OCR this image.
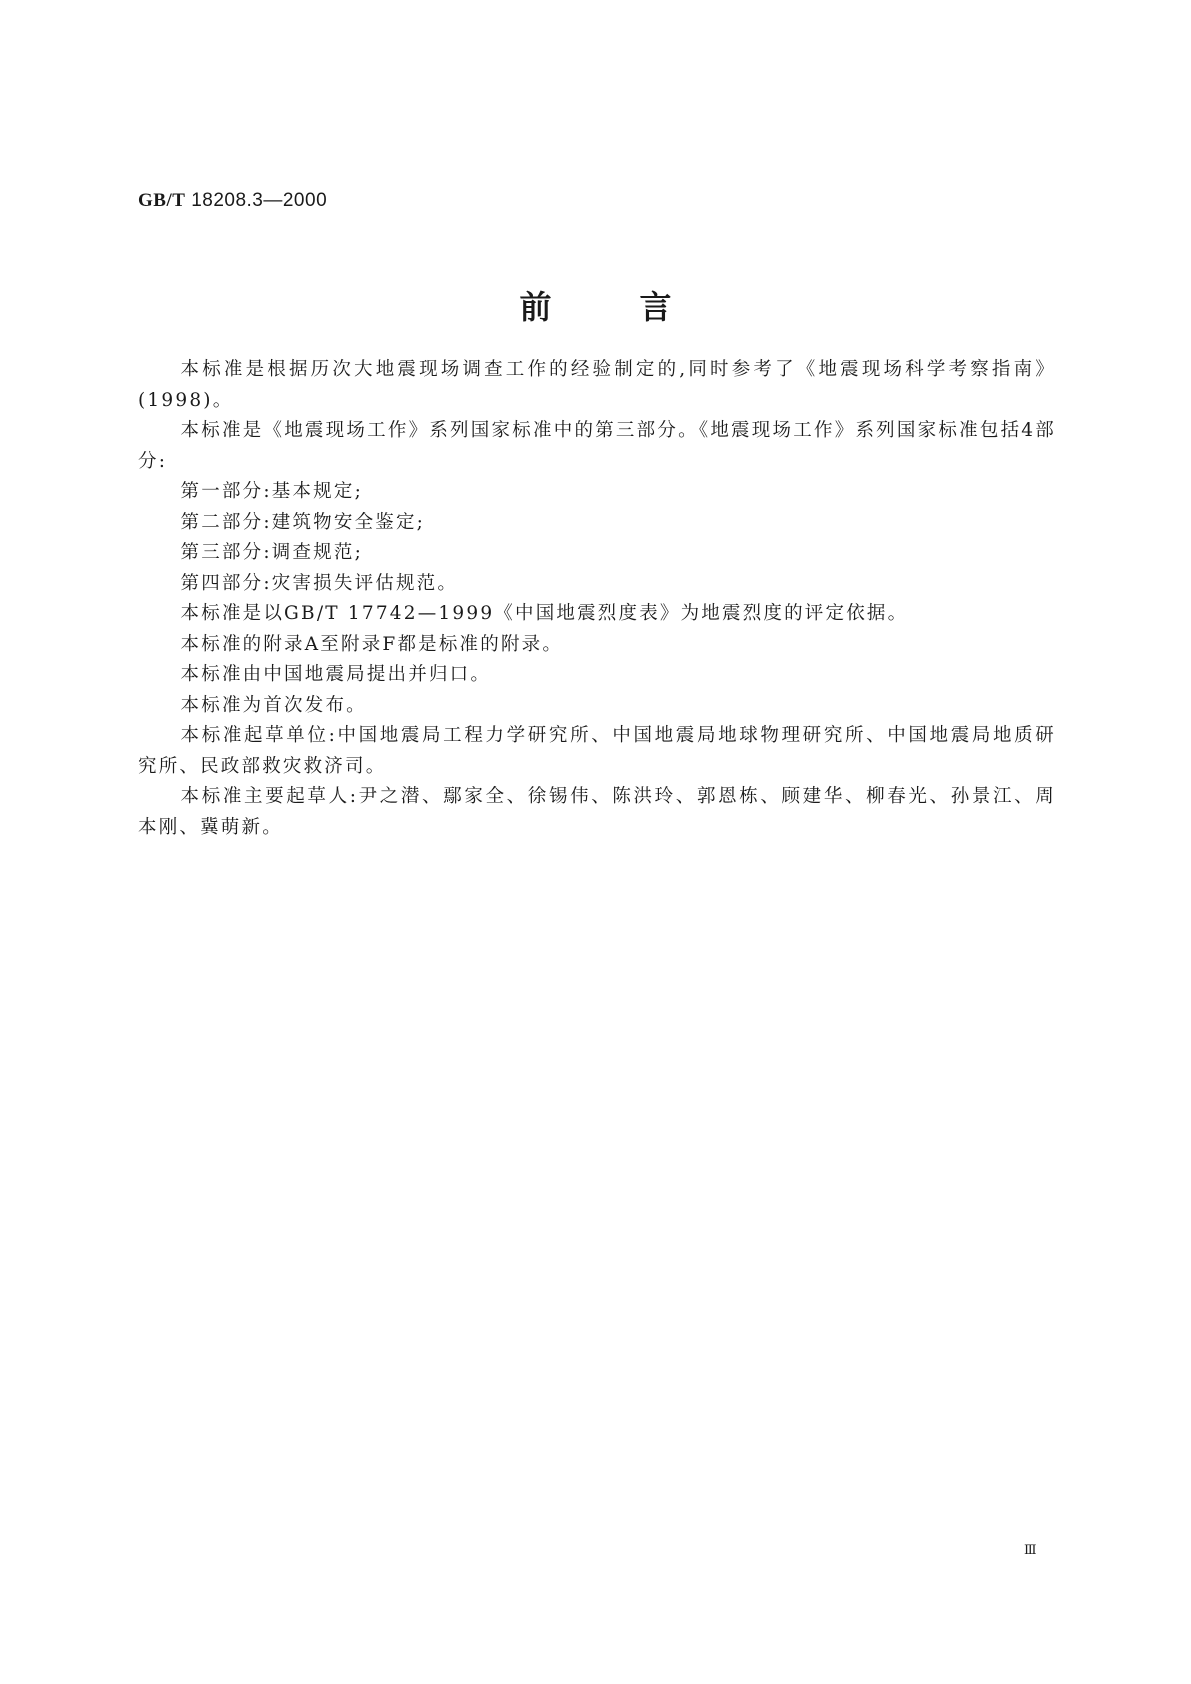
GB/T 18208.3—2000
前言

本标准是根据历次大地震现场调查工作的经验制定的,同时参考了《地震现场科学考察指南》(1998)。

本标准是《地震现场工作》系列国家标准中的第三部分。《地震现场工作》系列国家标准包括4部分:

第一部分:基本规定;

第二部分:建筑物安全鉴定;

第三部分:调查规范;

第四部分:灾害损失评估规范。

本标准是以GB/T 17742—1999《中国地震烈度表》为地震烈度的评定依据。

本标准的附录A至附录F都是标准的附录。

本标准由中国地震局提出并归口。

本标准为首次发布。

本标准起草单位:中国地震局工程力学研究所、中国地震局地球物理研究所、中国地震局地质研究所、民政部救灾救济司。

本标准主要起草人:尹之潜、鄢家全、徐锡伟、陈洪玲、郭恩栋、顾建华、柳春光、孙景江、周本刚、冀萌新。

Ⅲ
